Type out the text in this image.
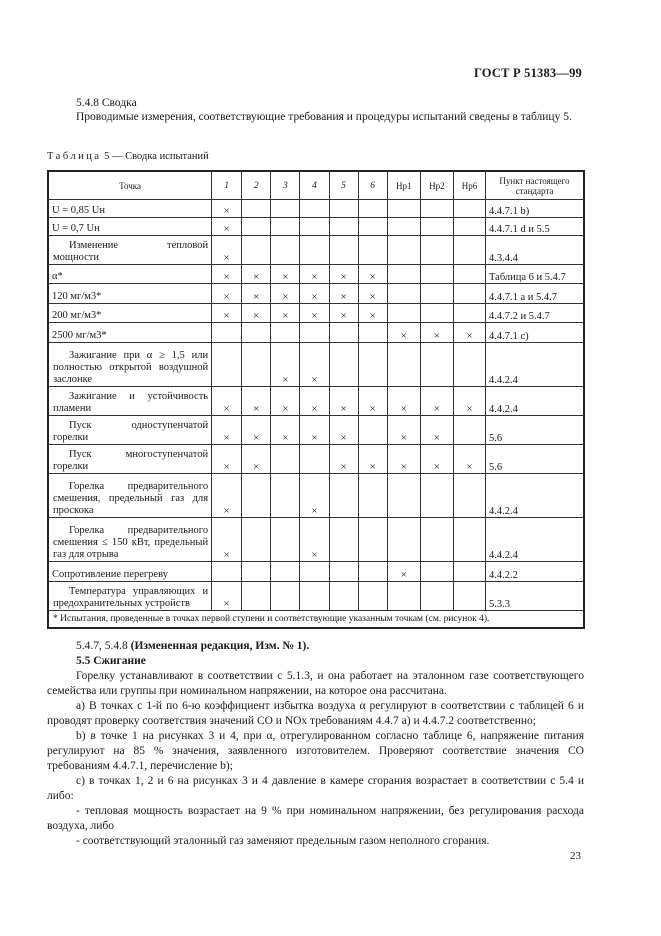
ГОСТ Р 51383—99
5.4.8 Сводка
Проводимые измерения, соответствующие требования и процедуры испытаний сведены в таблицу 5.
Таблица 5 — Сводка испытаний
Точка	1	2	3	4	5	6	Нр1	Нр2	Нр6	Пункт настоящего стандарта
U = 0,85 Uн	×									4.4.7.1 b)
U = 0,7 Uн	×									4.4.7.1 d и 5.5
Изменение тепловой мощности	×									4.3.4.4
α*	×	×	×	×	×	×				Таблица 6 и 5.4.7
120 мг/м3*	×	×	×	×	×	×				4.4.7.1 а и 5.4.7
200 мг/м3*	×	×	×	×	×	×				4.4.7.2 и 5.4.7
2500 мг/м3*							×	×	×	4.4.7.1 с)
Зажигание при α ≥ 1,5 или полностью открытой воздушной заслонке			×	×						4.4.2.4
Зажигание и устойчивость пламени	×	×	×	×	×	×	×	×	×	4.4.2.4
Пуск одноступенчатой горелки	×	×	×	×	×		×	×		5.6
Пуск многоступенчатой горелки	×	×			×	×	×	×	×	5.6
Горелка предварительного смешения, предельный газ для проскока	×			×						4.4.2.4
Горелка предварительного смешения ≤ 150 кВт, предельный газ для отрыва	×			×						4.4.2.4
Сопротивление перегреву							×			4.4.2.2
Температура управляющих и предохранительных устройств	×									5.3.3
* Испытания, проведенные в точках первой ступени и соответствующие указанным точкам (см. рисунок 4).										
5.4.7, 5.4.8 (Измененная редакция, Изм. № 1).
5.5 Сжигание
Горелку устанавливают в соответствии с 5.1.3, и она работает на эталонном газе соответствующего семейства или группы при номинальном напряжении, на которое она рассчитана.
а) В точках с 1-й по 6-ю коэффициент избытка воздуха α регулируют в соответствии с таблицей 6 и проводят проверку соответствия значений CO и NOx требованиям 4.4.7 а) и 4.4.7.2 соответственно;
b) в точке 1 на рисунках 3 и 4, при α, отрегулированном согласно таблице 6, напряжение питания регулируют на 85 % значения, заявленного изготовителем. Проверяют соответствие значения CO требованиям 4.4.7.1, перечисление b);
с) в точках 1, 2 и 6 на рисунках 3 и 4 давление в камере сгорания возрастает в соответствии с 5.4 и либо:
- тепловая мощность возрастает на 9 % при номинальном напряжении, без регулирования расхода воздуха, либо
- соответствующий эталонный газ заменяют предельным газом неполного сгорания.
23
